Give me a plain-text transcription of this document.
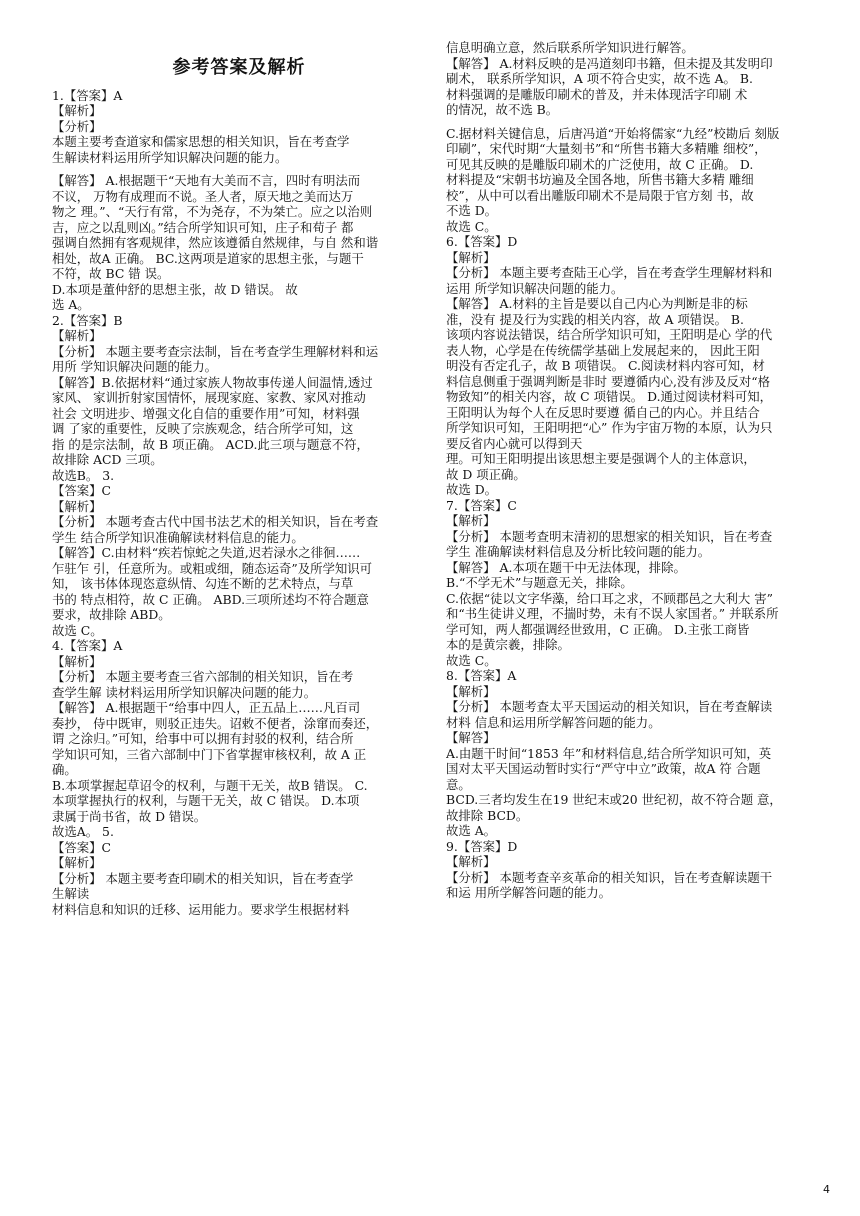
参考答案及解析
1.【答案】A
【解析】
【分析】
本题主要考查道家和儒家思想的相关知识，旨在考查学
生解读材料运用所学知识解决问题的能力。
【解答】 A.根据题干“天地有大美而不言，四时有明法而
不议， 万物有成理而不说。圣人者，原天地之美而达万
物之 理。”、“天行有常，不为尧存，不为桀亡。应之以治则
吉，应之以乱则凶。”结合所学知识可知，庄子和荀子 都
强调自然拥有客观规律，然应该遵循自然规律，与自 然和谐
相处，故A 正确。 BC.这两项是道家的思想主张，与题干
不符，故 BC 错 误。
D.本项是董仲舒的思想主张，故 D 错误。 故
选 A。
2.【答案】B
【解析】
【分析】 本题主要考查宗法制，旨在考查学生理解材料和运
用所 学知识解决问题的能力。
【解答】B.依据材料“通过家族人物故事传递人间温情,透过
家风、 家训折射家国情怀，展现家庭、家教、家风对推动
社会 文明进步、增强文化自信的重要作用”可知，材料强
调 了家的重要性，反映了宗族观念，结合所学可知，这
指 的是宗法制，故 B 项正确。 ACD.此三项与题意不符，
故排除 ACD 三项。
故选B。 3.
【答案】C
【解析】
【分析】 本题考查古代中国书法艺术的相关知识，旨在考查
学生 结合所学知识准确解读材料信息的能力。
【解答】C.由材料“疾若惊蛇之失道,迟若渌水之徘徊……
乍驻乍 引，任意所为。或粗或细，随态运奇”及所学知识可
知， 该书体体现恣意纵情、勾连不断的艺术特点，与草
书的 特点相符，故 C 正确。 ABD.三项所述均不符合题意
要求，故排除 ABD。
故选 C。
4.【答案】A
【解析】
【分析】 本题主要考查三省六部制的相关知识，旨在考
查学生解 读材料运用所学知识解决问题的能力。
【解答】 A.根据题干“给事中四人，正五品上……凡百司
奏抄， 侍中既审，则驳正违失。诏敕不便者，涂窜而奏还，
谓 之涂归。”可知，给事中可以拥有封驳的权利，结合所
学知识可知，三省六部制中门下省掌握审核权利，故 A 正
确。
B.本项掌握起草诏令的权利，与题干无关，故B 错误。 C.
本项掌握执行的权利，与题干无关，故 C 错误。 D.本项
隶属于尚书省，故 D 错误。
故选A。 5.
【答案】C
【解析】
【分析】 本题主要考查印刷术的相关知识，旨在考查学
生解读
材料信息和知识的迁移、运用能力。要求学生根据材料
信息明确立意，然后联系所学知识进行解答。
【解答】 A.材料反映的是冯道刻印书籍，但未提及其发明印
刷术， 联系所学知识，A 项不符合史实，故不选 A。 B.
材料强调的是雕版印刷术的普及，并未体现活字印刷 术
的情况，故不选 B。
C.据材料关键信息，后唐冯道“开始将儒家“九经”校勘后 刻版
印刷”，宋代时期“大量刻书”和“所售书籍大多精雕 细校”，
可见其反映的是雕版印刷术的广泛使用，故 C 正确。 D.
材料提及“宋朝书坊遍及全国各地，所售书籍大多精 雕细
校”，从中可以看出雕版印刷术不是局限于官方刻 书，故
不选 D。
故选 C。
6.【答案】D
【解析】
【分析】 本题主要考查陆王心学，旨在考查学生理解材料和
运用 所学知识解决问题的能力。
【解答】 A.材料的主旨是要以自己内心为判断是非的标
准，没有 提及行为实践的相关内容，故 A 项错误。 B.
该项内容说法错误，结合所学知识可知，王阳明是心 学的代
表人物，心学是在传统儒学基础上发展起来的， 因此王阳
明没有否定孔子，故 B 项错误。 C.阅读材料内容可知，材
料信息侧重于强调判断是非时 要遵循内心,没有涉及反对“格
物致知”的相关内容，故 C 项错误。 D.通过阅读材料可知，
王阳明认为每个人在反思时要遵 循自己的内心。并且结合
所学知识可知，王阳明把“心” 作为宇宙万物的本原，认为只
要反省内心就可以得到天
理。可知王阳明提出该思想主要是强调个人的主体意识，
故 D 项正确。
故选 D。
7.【答案】C
【解析】
【分析】 本题考查明末清初的思想家的相关知识，旨在考查
学生 准确解读材料信息及分析比较问题的能力。
【解答】 A.本项在题干中无法体现，排除。
B.“不学无术”与题意无关，排除。
C.依据“徒以文字华藻，给口耳之求，不顾郡邑之大利大 害”
和“书生徒讲义理，不揣时势，未有不误人家国者。” 并联系所
学可知，两人都强调经世致用，C 正确。 D.主张工商皆
本的是黄宗羲，排除。
故选 C。
8.【答案】A
【解析】
【分析】 本题考查太平天国运动的相关知识，旨在考查解读
材料 信息和运用所学解答问题的能力。
【解答】
A.由题干时间“1853 年”和材料信息,结合所学知识可知，英
国对太平天国运动暂时实行“严守中立”政策，故A 符 合题
意。
BCD.三者均发生在19 世纪末或20 世纪初，故不符合题 意，
故排除 BCD。
故选 A。
9.【答案】D
【解析】
【分析】 本题考查辛亥革命的相关知识，旨在考查解读题干
和运 用所学解答问题的能力。
4
